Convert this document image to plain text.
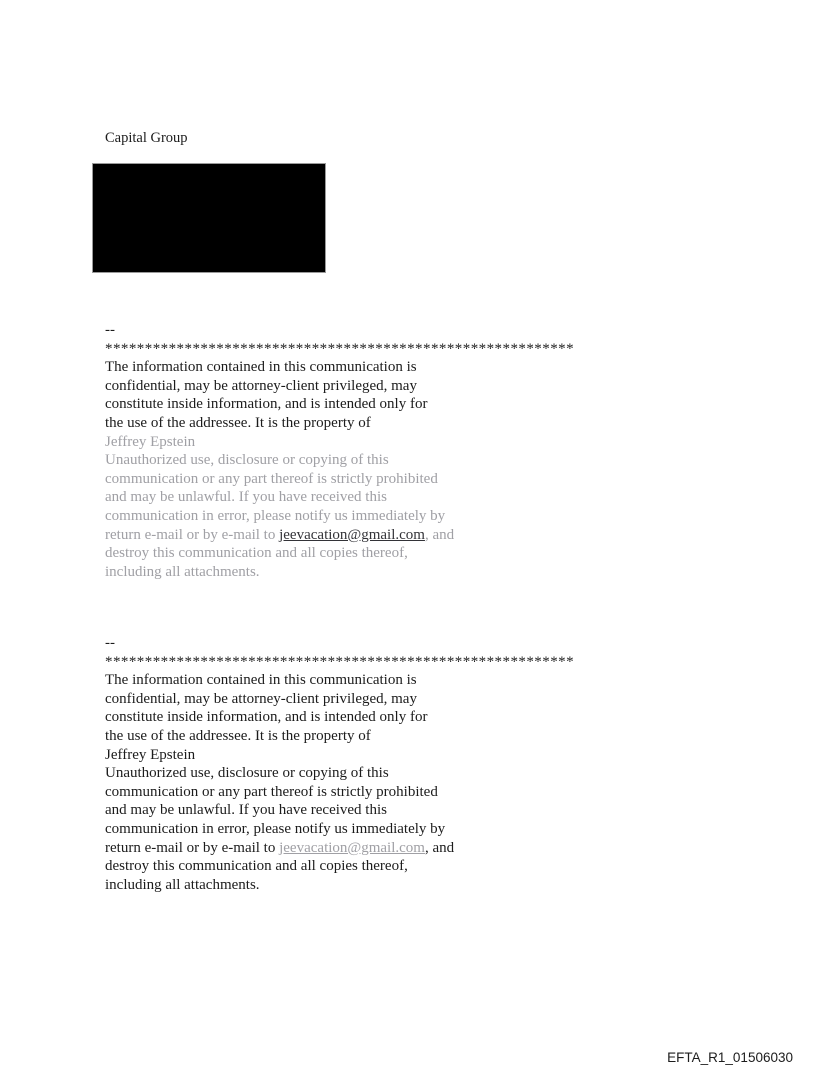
Capital Group
--
***********************************************************
The information contained in this communication is
confidential, may be attorney-client privileged, may
constitute inside information, and is intended only for
the use of the addressee. It is the property of
Jeffrey Epstein
Unauthorized use, disclosure or copying of this
communication or any part thereof is strictly prohibited
and may be unlawful. If you have received this
communication in error, please notify us immediately by
return e-mail or by e-mail to jeevacation@gmail.com, and
destroy this communication and all copies thereof,
including all attachments.
--
***********************************************************
The information contained in this communication is
confidential, may be attorney-client privileged, may
constitute inside information, and is intended only for
the use of the addressee. It is the property of
Jeffrey Epstein
Unauthorized use, disclosure or copying of this
communication or any part thereof is strictly prohibited
and may be unlawful. If you have received this
communication in error, please notify us immediately by
return e-mail or by e-mail to jeevacation@gmail.com, and
destroy this communication and all copies thereof,
including all attachments.
EFTA_R1_01506030
